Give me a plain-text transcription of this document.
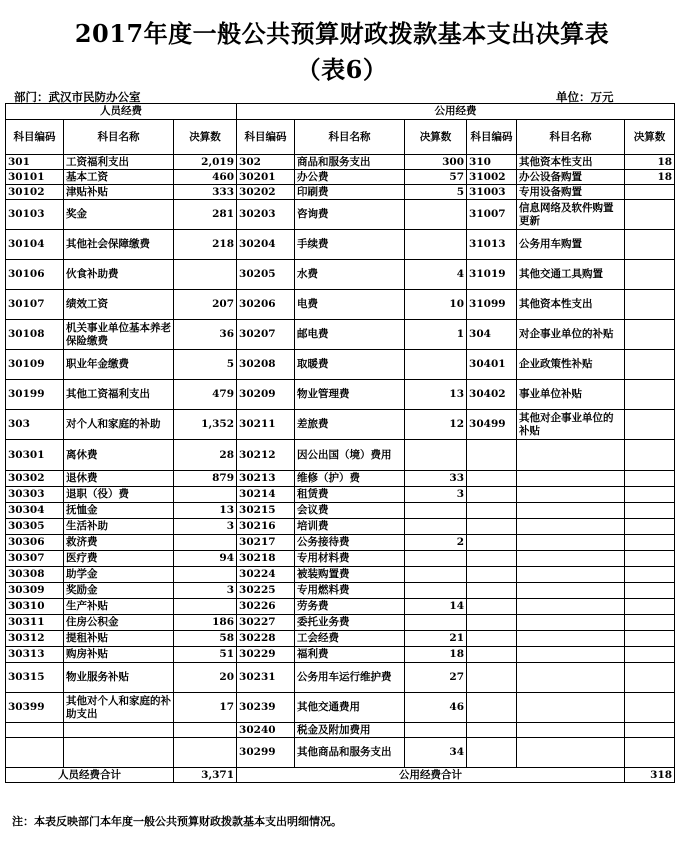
2017年度一般公共预算财政拨款基本支出决算表
（表6）
部门：武汉市民防办公室	单位：万元
人员经费			公用经费					
科目编码	科目名称	决算数	科目编码	科目名称	决算数	科目编码	科目名称	决算数
301	工资福利支出	2,019	302	商品和服务支出	300	310	其他资本性支出	18
30101	基本工资	460	30201	办公费	57	31002	办公设备购置	18
30102	津贴补贴	333	30202	印刷费	5	31003	专用设备购置	
30103	奖金	281	30203	咨询费		31007	信息网络及软件购置更新	
30104	其他社会保障缴费	218	30204	手续费		31013	公务用车购置	
30106	伙食补助费		30205	水费	4	31019	其他交通工具购置	
30107	绩效工资	207	30206	电费	10	31099	其他资本性支出	
30108	机关事业单位基本养老保险缴费	36	30207	邮电费	1	304	对企事业单位的补贴	
30109	职业年金缴费	5	30208	取暖费		30401	企业政策性补贴	
30199	其他工资福利支出	479	30209	物业管理费	13	30402	事业单位补贴	
303	对个人和家庭的补助	1,352	30211	差旅费	12	30499	其他对企事业单位的补贴	
30301	离休费	28	30212	因公出国（境）费用				
30302	退休费	879	30213	维修（护）费	33			
30303	退职（役）费		30214	租赁费	3			
30304	抚恤金	13	30215	会议费				
30305	生活补助	3	30216	培训费				
30306	救济费		30217	公务接待费	2			
30307	医疗费	94	30218	专用材料费				
30308	助学金		30224	被装购置费				
30309	奖励金	3	30225	专用燃料费				
30310	生产补贴		30226	劳务费	14			
30311	住房公积金	186	30227	委托业务费				
30312	提租补贴	58	30228	工会经费	21			
30313	购房补贴	51	30229	福利费	18			
30315	物业服务补贴	20	30231	公务用车运行维护费	27			
30399	其他对个人和家庭的补助支出	17	30239	其他交通费用	46			
			30240	税金及附加费用				
			30299	其他商品和服务支出	34			
人员经费合计		3,371	公用经费合计					318
注：本表反映部门本年度一般公共预算财政拨款基本支出明细情况。
